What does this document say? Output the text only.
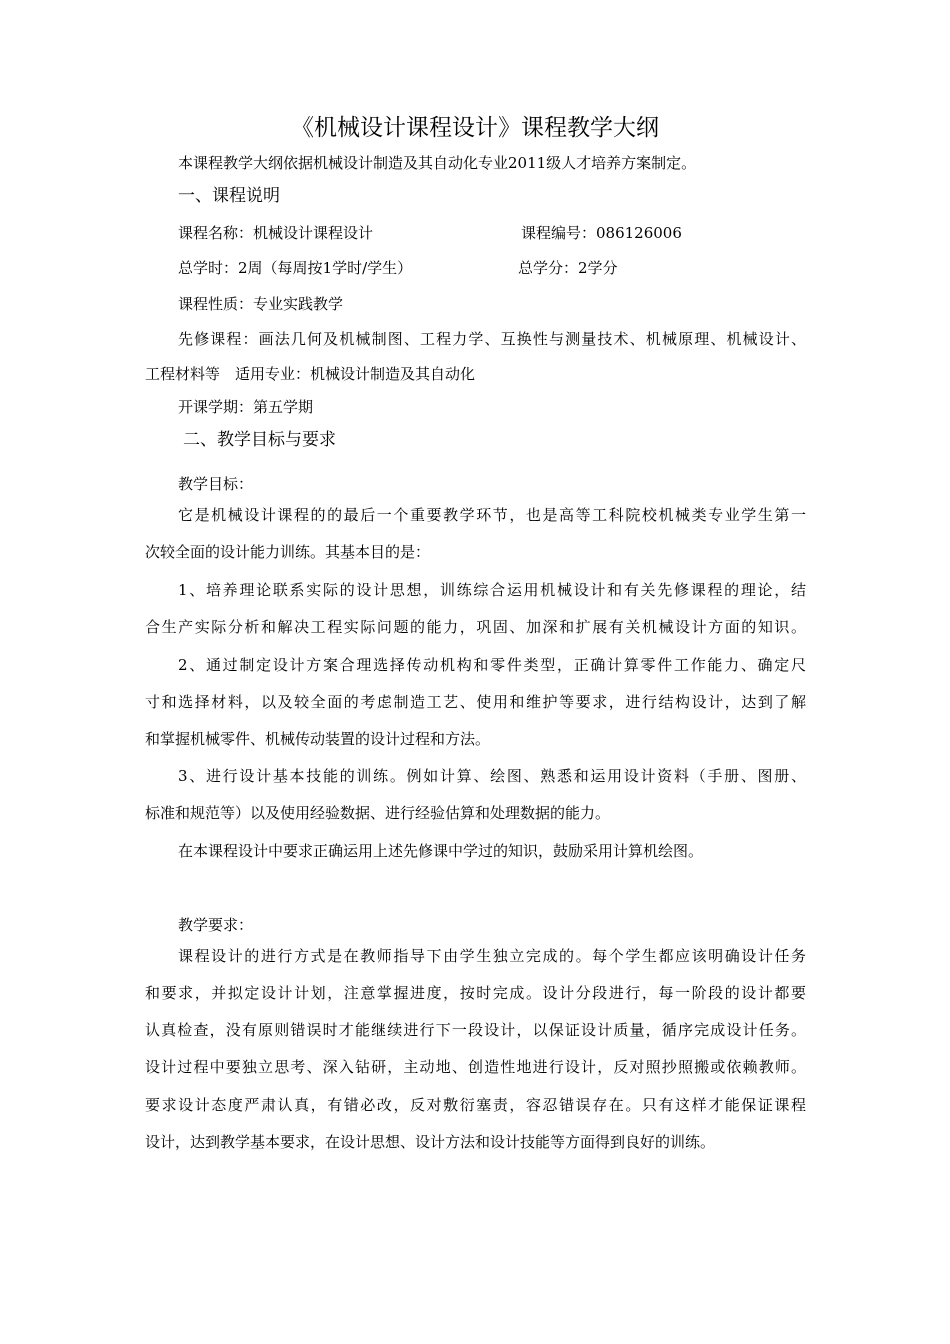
《机械设计课程设计》课程教学大纲
本课程教学大纲依据机械设计制造及其自动化专业2011级人才培养方案制定。
一、课程说明
课程名称：机械设计课程设计	课程编号：086126006
总学时：2周（每周按1学时/学生）	总学分：2学分
课程性质：专业实践教学
先修课程：画法几何及机械制图、工程力学、互换性与测量技术、机械原理、机械设计、
工程材料等　适用专业：机械设计制造及其自动化
开课学期：第五学期
二、教学目标与要求
教学目标：
它是机械设计课程的的最后一个重要教学环节，也是高等工科院校机械类专业学生第一
次较全面的设计能力训练。其基本目的是：
1、培养理论联系实际的设计思想，训练综合运用机械设计和有关先修课程的理论，结
合生产实际分析和解决工程实际问题的能力，巩固、加深和扩展有关机械设计方面的知识。
2、通过制定设计方案合理选择传动机构和零件类型，正确计算零件工作能力、确定尺
寸和选择材料，以及较全面的考虑制造工艺、使用和维护等要求，进行结构设计，达到了解
和掌握机械零件、机械传动装置的设计过程和方法。
3、进行设计基本技能的训练。例如计算、绘图、熟悉和运用设计资料（手册、图册、
标准和规范等）以及使用经验数据、进行经验估算和处理数据的能力。
在本课程设计中要求正确运用上述先修课中学过的知识，鼓励采用计算机绘图。
教学要求：
课程设计的进行方式是在教师指导下由学生独立完成的。每个学生都应该明确设计任务
和要求，并拟定设计计划，注意掌握进度，按时完成。设计分段进行，每一阶段的设计都要
认真检查，没有原则错误时才能继续进行下一段设计，以保证设计质量，循序完成设计任务。
设计过程中要独立思考、深入钻研，主动地、创造性地进行设计，反对照抄照搬或依赖教师。
要求设计态度严肃认真，有错必改，反对敷衍塞责，容忍错误存在。只有这样才能保证课程
设计，达到教学基本要求，在设计思想、设计方法和设计技能等方面得到良好的训练。
